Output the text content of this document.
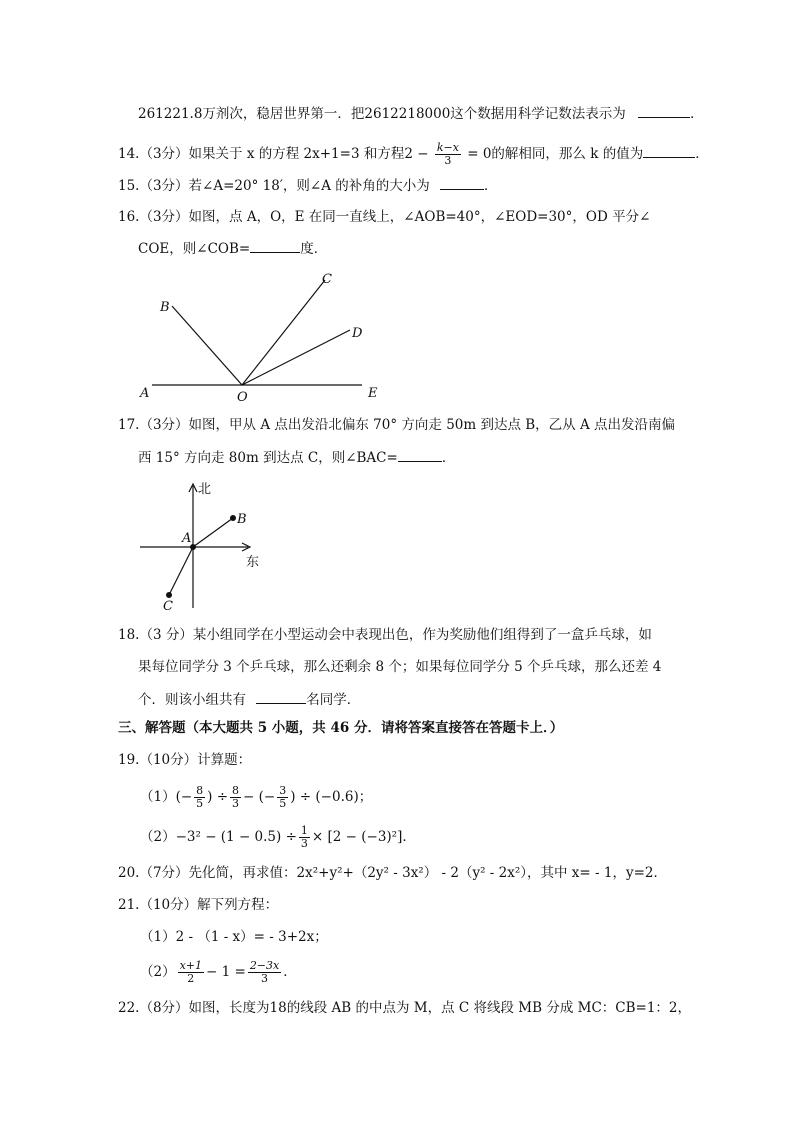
261221.8万剂次，稳居世界第一．把2612218000这个数据用科学记数法表示为	．
14.（3分）如果关于 x 的方程 2x+1=3 和方程$2 - \frac{k-x}{3} = 0$的解相同，那么 k 的值为	．
15.（3分）若∠A=20° 18′，则∠A 的补角的大小为	．
16.（3分）如图，点 A，O，E 在同一直线上，∠AOB=40°，∠EOD=30°，OD 平分∠
COE，则∠COB=	度．
A	O	E
B
C
D
17.（3分）如图，甲从 A 点出发沿北偏东 70° 方向走 50m 到达点 B，乙从 A 点出发沿南偏
西 15° 方向走 80m 到达点 C，则∠BAC=	．
北
东
A
B
C
18.（3 分）某小组同学在小型运动会中表现出色，作为奖励他们组得到了一盒乒乓球，如
果每位同学分 3 个乒乓球，那么还剩余 8 个；如果每位同学分 5 个乒乓球，那么还差 4
个．则该小组共有	名同学．
三、解答题（本大题共 5 小题，共 46 分．请将答案直接答在答题卡上．）
19.（10分）计算题：
$(1)(- \frac{8}{5}$ ) ÷ $\frac{8}{3}$ − (− $\frac{3}{5}$ ) ÷ (−0.6)；
$(2)-3^2 - (1 - 0.5) \div \frac{1}{3} \times [2 - (-3)^2]$．
20.（7分）先化简，再求值：2x²+y²+（2y² - 3x²） - 2（y² - 2x²），其中 x= - 1，y=2．
21.（10分）解下列方程：
（1）2 - （1 - x）= - 3+2x；
$(2) \frac{x+1}{2} - 1 = \frac{2-3x}{3}$ ．
22.（8分）如图，长度为18的线段 AB 的中点为 M，点 C 将线段 MB 分成 MC：CB=1：2，
